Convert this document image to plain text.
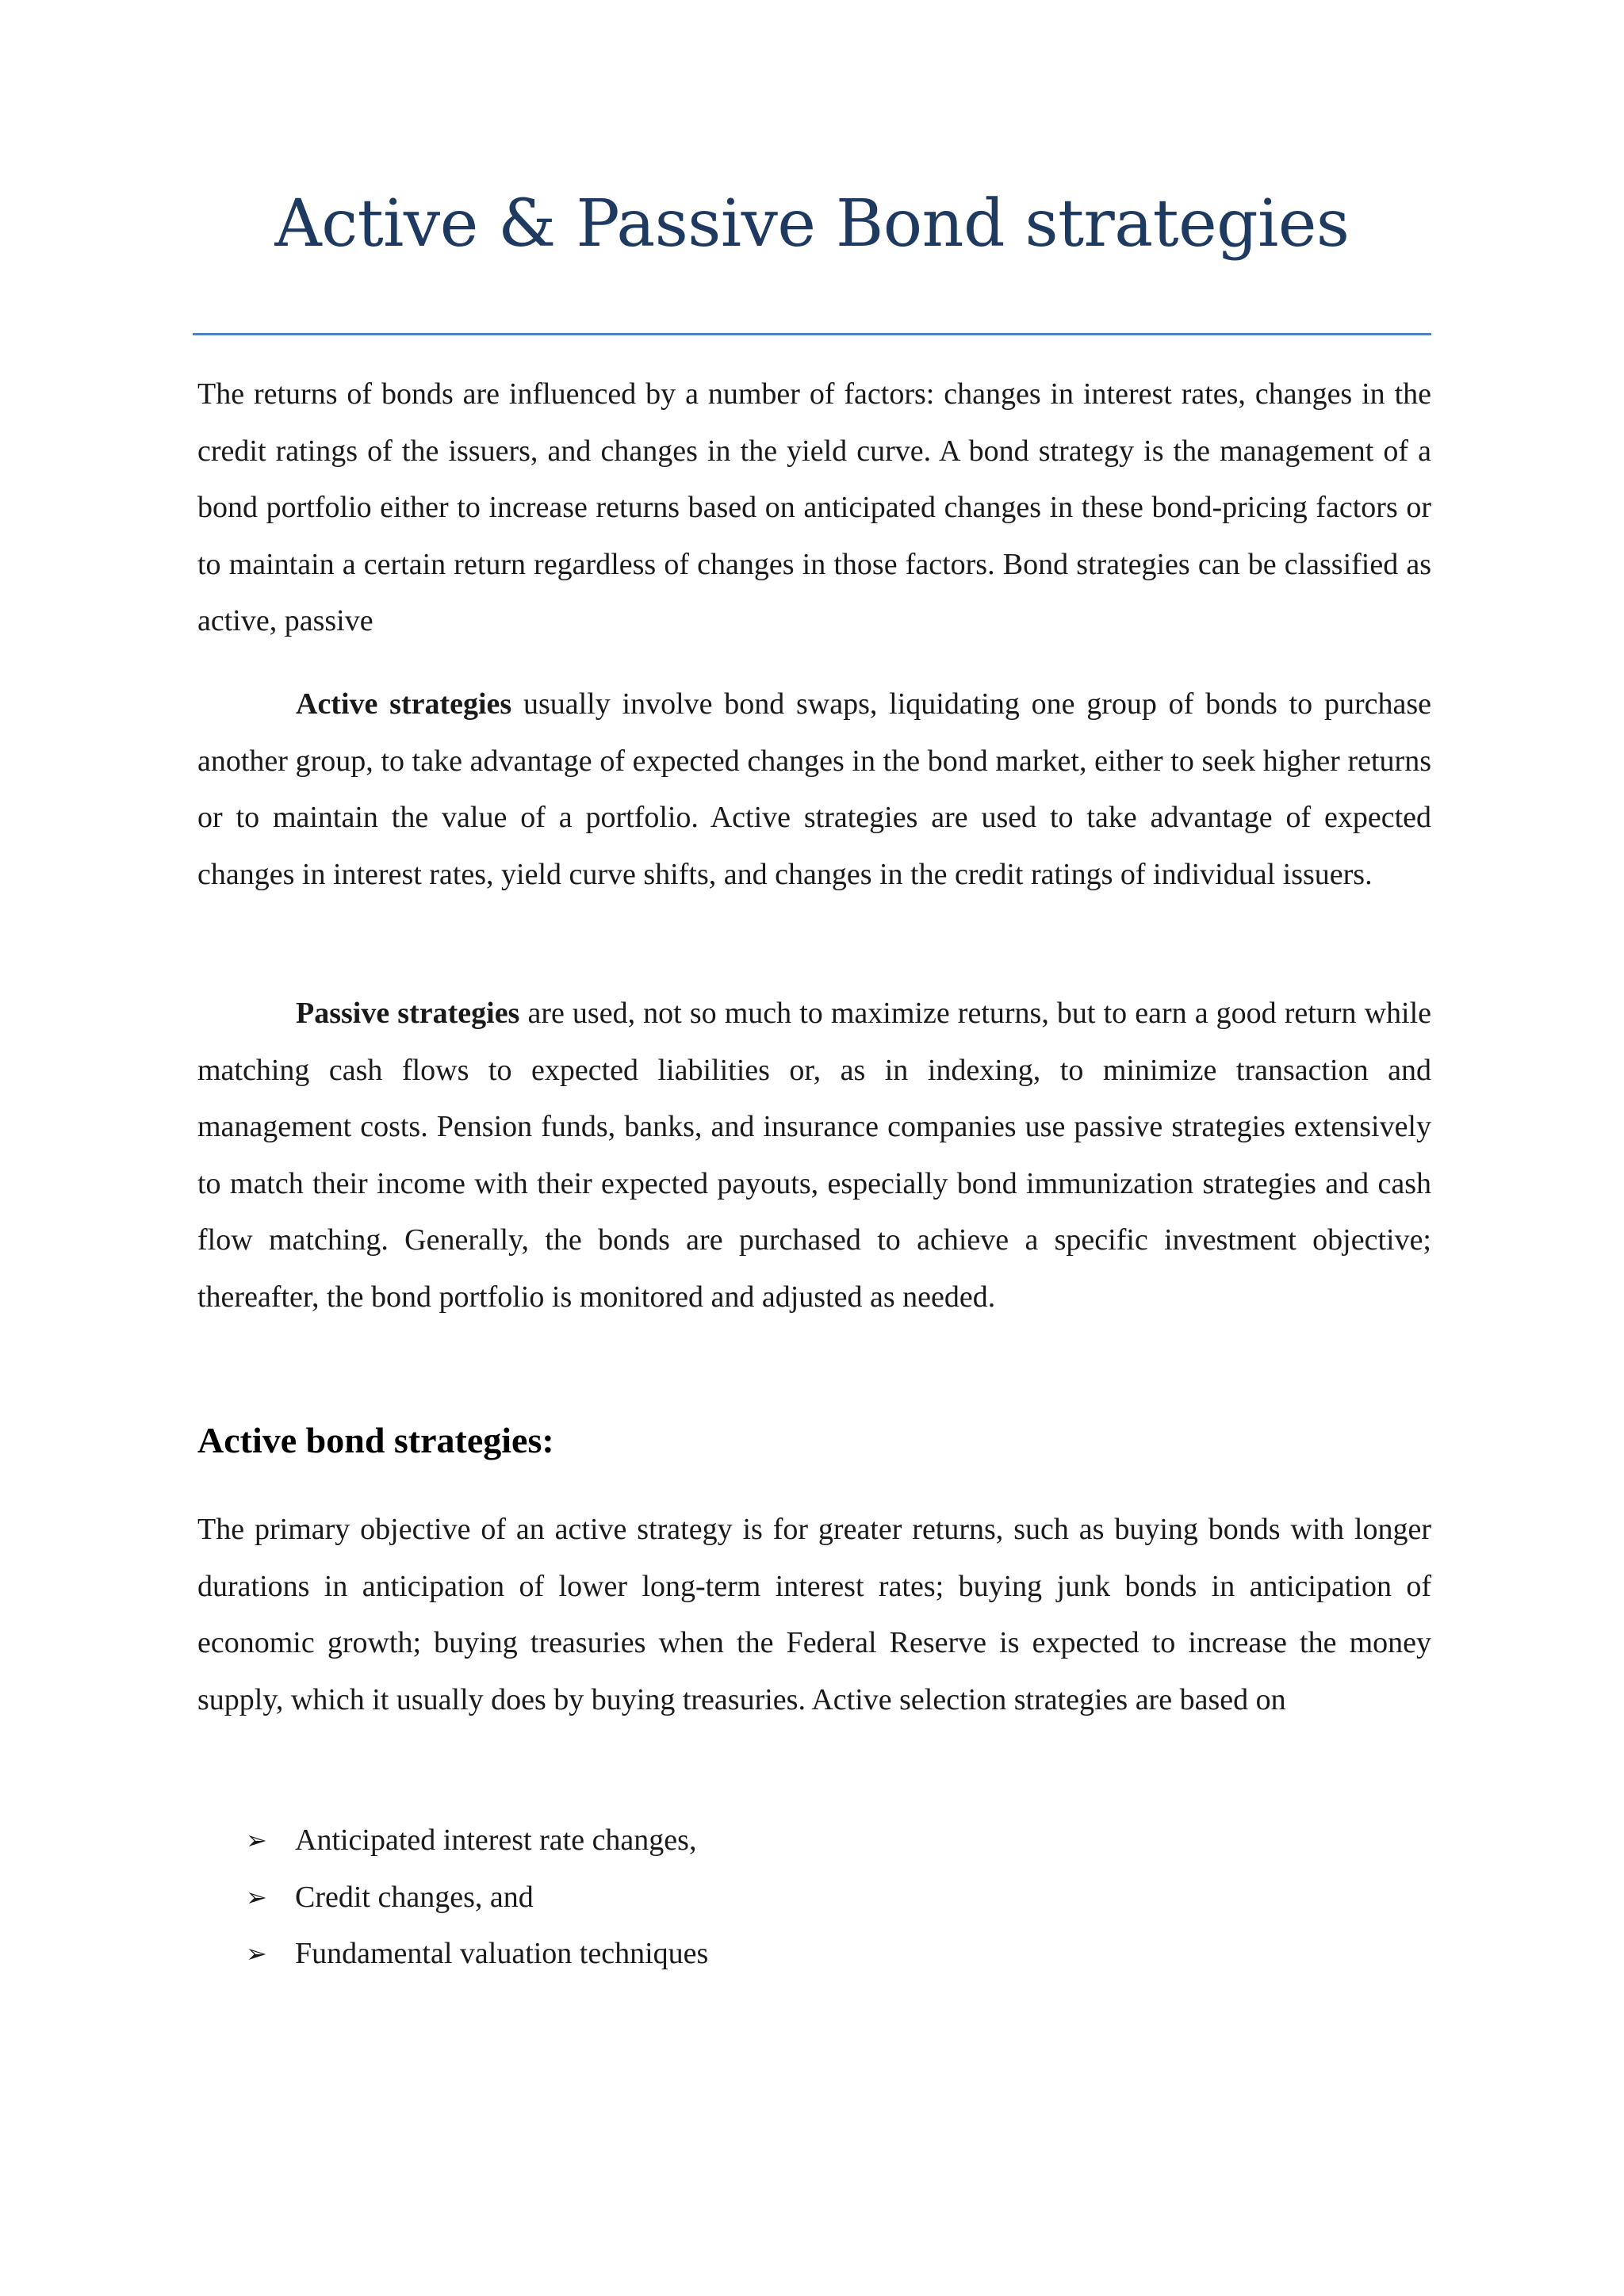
Active & Passive Bond strategies

The returns of bonds are influenced by a number of factors: changes in interest rates, changes in the credit ratings of the issuers, and changes in the yield curve. A bond strategy is the management of a bond portfolio either to increase returns based on anticipated changes in these bond-pricing factors or to maintain a certain return regardless of changes in those factors. Bond strategies can be classified as active, passive

Active strategies usually involve bond swaps, liquidating one group of bonds to purchase another group, to take advantage of expected changes in the bond market, either to seek higher returns or to maintain the value of a portfolio. Active strategies are used to take advantage of expected changes in interest rates, yield curve shifts, and changes in the credit ratings of individual issuers.

Passive strategies are used, not so much to maximize returns, but to earn a good return while matching cash flows to expected liabilities or, as in indexing, to minimize transaction and management costs. Pension funds, banks, and insurance companies use passive strategies extensively to match their income with their expected payouts, especially bond immunization strategies and cash flow matching. Generally, the bonds are purchased to achieve a specific investment objective; thereafter, the bond portfolio is monitored and adjusted as needed.

Active bond strategies:

The primary objective of an active strategy is for greater returns, such as buying bonds with longer durations in anticipation of lower long-term interest rates; buying junk bonds in anticipation of economic growth; buying treasuries when the Federal Reserve is expected to increase the money supply, which it usually does by buying treasuries. Active selection strategies are based on

➢ Anticipated interest rate changes,
➢ Credit changes, and
➢ Fundamental valuation techniques
